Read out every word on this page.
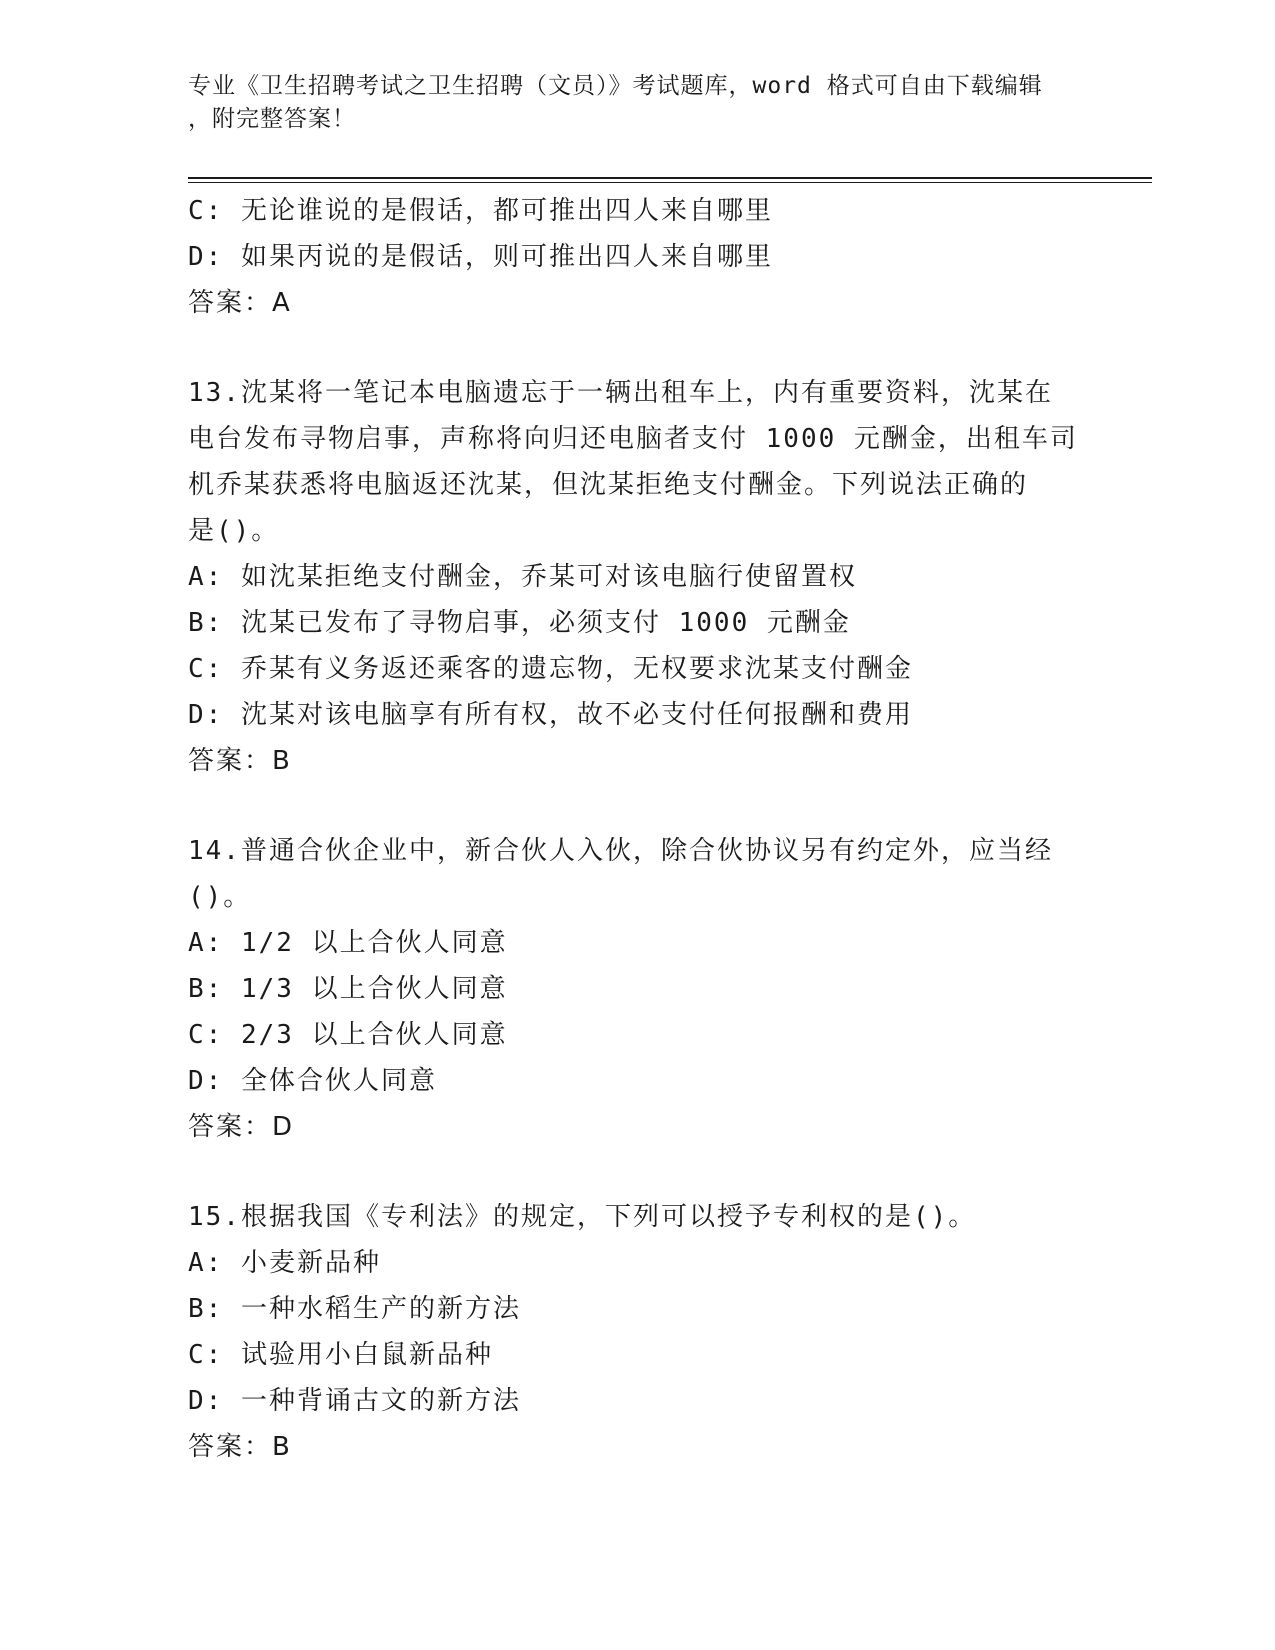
专业《卫生招聘考试之卫生招聘（文员）》考试题库，word 格式可自由下载编辑
，附完整答案！
C: 无论谁说的是假话，都可推出四人来自哪里
D: 如果丙说的是假话，则可推出四人来自哪里
答案：A
13.沈某将一笔记本电脑遗忘于一辆出租车上，内有重要资料，沈某在
电台发布寻物启事，声称将向归还电脑者支付 1000 元酬金，出租车司
机乔某获悉将电脑返还沈某，但沈某拒绝支付酬金。下列说法正确的
是()。
A: 如沈某拒绝支付酬金，乔某可对该电脑行使留置权
B: 沈某已发布了寻物启事，必须支付 1000 元酬金
C: 乔某有义务返还乘客的遗忘物，无权要求沈某支付酬金
D: 沈某对该电脑享有所有权，故不必支付任何报酬和费用
答案：B
14.普通合伙企业中，新合伙人入伙，除合伙协议另有约定外，应当经
()。
A: 1/2 以上合伙人同意
B: 1/3 以上合伙人同意
C: 2/3 以上合伙人同意
D: 全体合伙人同意
答案：D
15.根据我国《专利法》的规定，下列可以授予专利权的是()。
A: 小麦新品种
B: 一种水稻生产的新方法
C: 试验用小白鼠新品种
D: 一种背诵古文的新方法
答案：B
